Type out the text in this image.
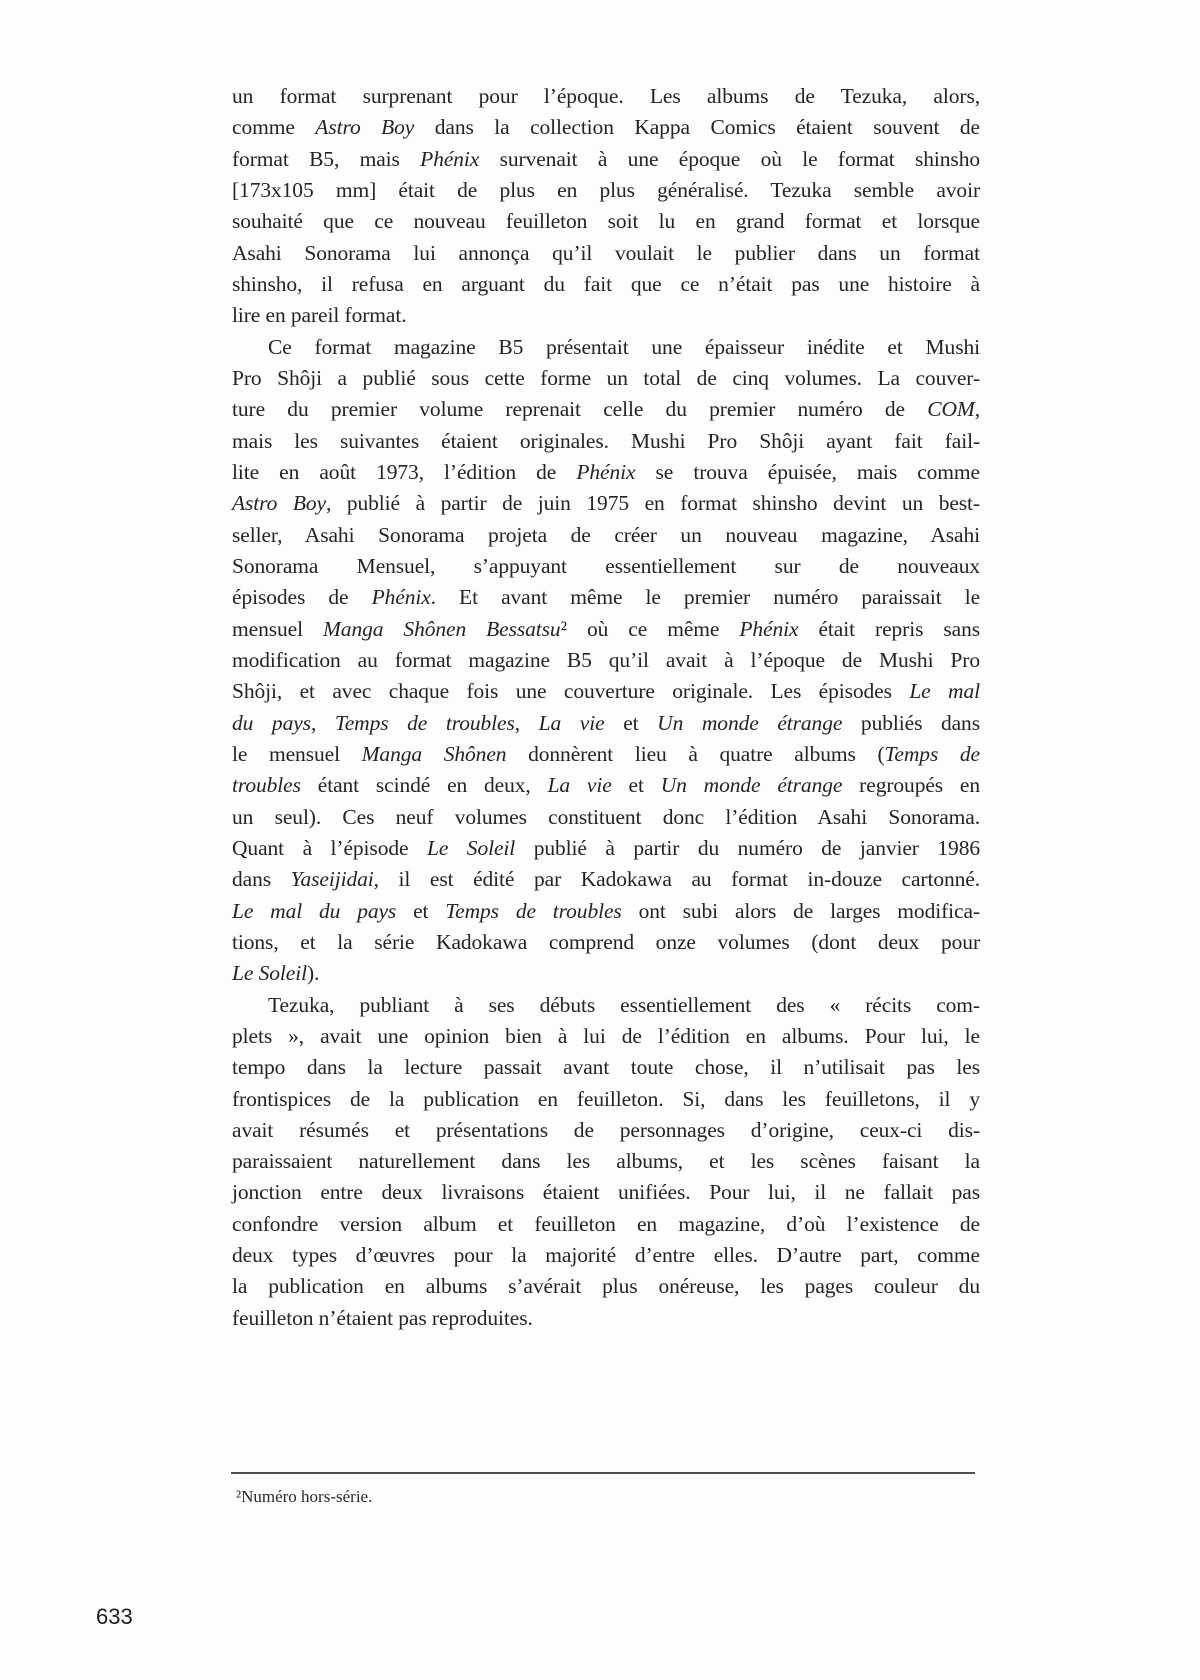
un format surprenant pour l’époque. Les albums de Tezuka, alors,
comme Astro Boy dans la collection Kappa Comics étaient souvent de
format B5, mais Phénix survenait à une époque où le format shinsho
[173x105 mm] était de plus en plus généralisé. Tezuka semble avoir
souhaité que ce nouveau feuilleton soit lu en grand format et lorsque
Asahi Sonorama lui annonça qu’il voulait le publier dans un format
shinsho, il refusa en arguant du fait que ce n’était pas une histoire à
lire en pareil format.
Ce format magazine B5 présentait une épaisseur inédite et Mushi
Pro Shôji a publié sous cette forme un total de cinq volumes. La couver-
ture du premier volume reprenait celle du premier numéro de COM,
mais les suivantes étaient originales. Mushi Pro Shôji ayant fait fail-
lite en août 1973, l’édition de Phénix se trouva épuisée, mais comme
Astro Boy, publié à partir de juin 1975 en format shinsho devint un best-
seller, Asahi Sonorama projeta de créer un nouveau magazine, Asahi
Sonorama Mensuel, s’appuyant essentiellement sur de nouveaux
épisodes de Phénix. Et avant même le premier numéro paraissait le
mensuel Manga Shônen Bessatsu² où ce même Phénix était repris sans
modification au format magazine B5 qu’il avait à l’époque de Mushi Pro
Shôji, et avec chaque fois une couverture originale. Les épisodes Le mal
du pays, Temps de troubles, La vie et Un monde étrange publiés dans
le mensuel Manga Shônen donnèrent lieu à quatre albums (Temps de
troubles étant scindé en deux, La vie et Un monde étrange regroupés en
un seul). Ces neuf volumes constituent donc l’édition Asahi Sonorama.
Quant à l’épisode Le Soleil publié à partir du numéro de janvier 1986
dans Yaseijidai, il est édité par Kadokawa au format in-douze cartonné.
Le mal du pays et Temps de troubles ont subi alors de larges modifica-
tions, et la série Kadokawa comprend onze volumes (dont deux pour
Le Soleil).
Tezuka, publiant à ses débuts essentiellement des « récits com-
plets », avait une opinion bien à lui de l’édition en albums. Pour lui, le
tempo dans la lecture passait avant toute chose, il n’utilisait pas les
frontispices de la publication en feuilleton. Si, dans les feuilletons, il y
avait résumés et présentations de personnages d’origine, ceux-ci dis-
paraissaient naturellement dans les albums, et les scènes faisant la
jonction entre deux livraisons étaient unifiées. Pour lui, il ne fallait pas
confondre version album et feuilleton en magazine, d’où l’existence de
deux types d’œuvres pour la majorité d’entre elles. D’autre part, comme
la publication en albums s’avérait plus onéreuse, les pages couleur du
feuilleton n’étaient pas reproduites.
²Numéro hors-série.
633
